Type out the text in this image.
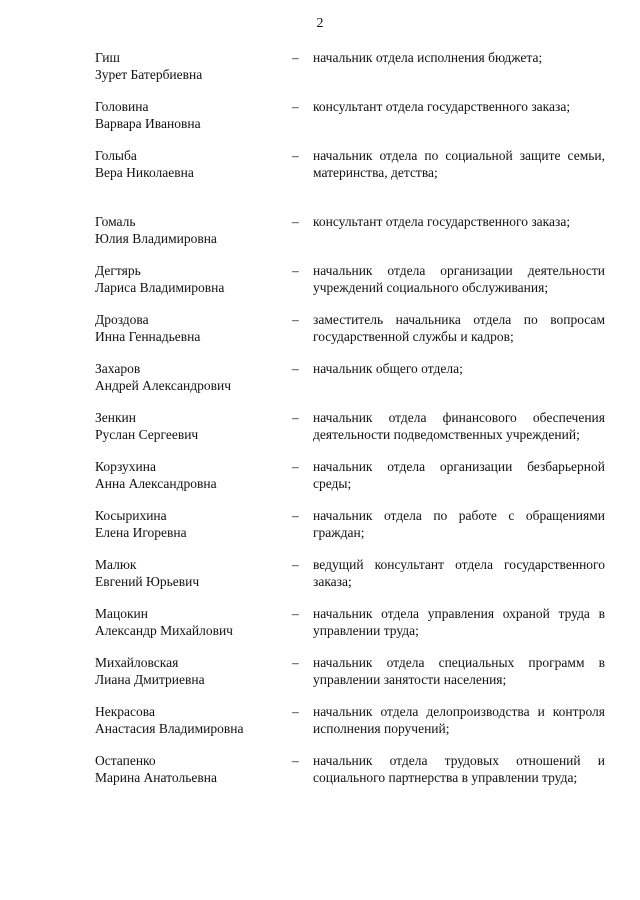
2
Гиш
Зурет Батербиевна
– начальник отдела исполнения бюджета;
Головина
Варвара Ивановна
– консультант отдела государственного заказа;
Голыба
Вера Николаевна
– начальник отдела по социальной защите семьи, материнства, детства;
Гомаль
Юлия Владимировна
– консультант отдела государственного заказа;
Дегтярь
Лариса Владимировна
– начальник отдела организации деятельности учреждений социального обслуживания;
Дроздова
Инна Геннадьевна
– заместитель начальника отдела по вопросам государственной службы и кадров;
Захаров
Андрей Александрович
– начальник общего отдела;
Зенкин
Руслан Сергеевич
– начальник отдела финансового обеспечения деятельности подведомственных учреждений;
Корзухина
Анна Александровна
– начальник отдела организации безбарьерной среды;
Косырихина
Елена Игоревна
– начальник отдела по работе с обращениями граждан;
Малюк
Евгений Юрьевич
– ведущий консультант отдела государственного заказа;
Мацокин
Александр Михайлович
– начальник отдела управления охраной труда в управлении труда;
Михайловская
Лиана Дмитриевна
– начальник отдела специальных программ в управлении занятости населения;
Некрасова
Анастасия Владимировна
– начальник отдела делопроизводства и контроля исполнения поручений;
Остапенко
Марина Анатольевна
– начальник отдела трудовых отношений и социального партнерства в управлении труда;
